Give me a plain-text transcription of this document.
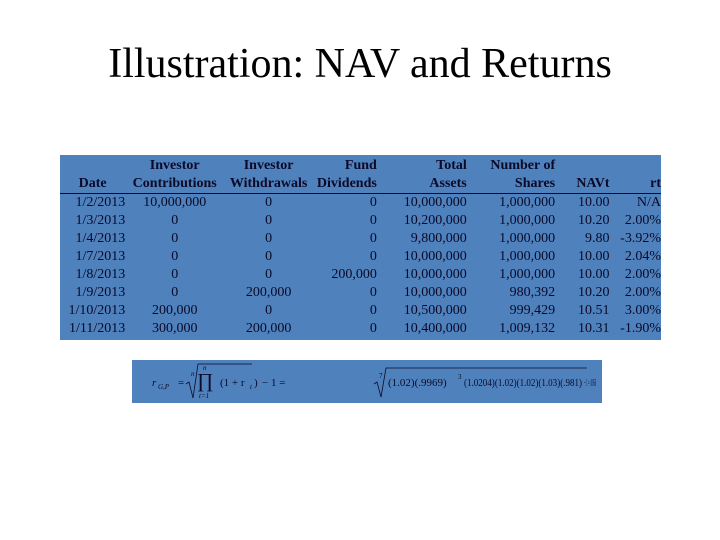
Illustration: NAV and Returns
	Investor	Investor	Fund	Total	Number of		
Date	Contributions	Withdrawals	Dividends	Assets	Shares	NAVt	rt
1/2/2013	10,000,000	0	0	10,000,000	1,000,000	10.00	N/A
1/3/2013	0	0	0	10,200,000	1,000,000	10.20	2.00%
1/4/2013	0	0	0	9,800,000	1,000,000	9.80	-3.92%
1/7/2013	0	0	0	10,000,000	1,000,000	10.00	2.04%
1/8/2013	0	0	200,000	10,000,000	1,000,000	10.00	2.00%
1/9/2013	0	200,000	0	10,000,000	980,392	10.20	2.00%
1/10/2013	200,000	0	0	10,500,000	999,429	10.51	3.00%
1/11/2013	300,000	200,000	0	10,400,000	1,009,132	10.31	-1.90%
r G,P =
n
n
∏
t=1
(1 + r t ) − 1 =
7
(1.02)(.9969) 3 (1.0204)(1.02)(1.02)(1.03)(.981) − 1 = .0056
